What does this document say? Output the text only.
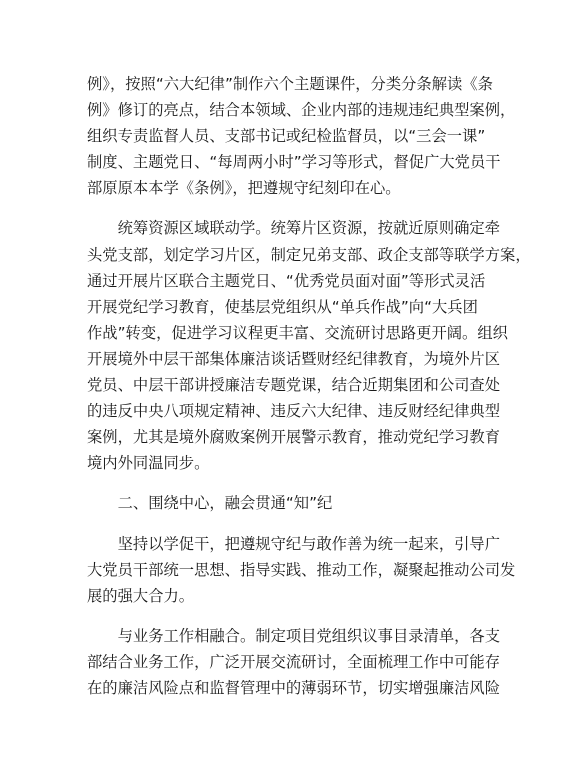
例》，按照“六大纪律”制作六个主题课件，分类分条解读《条
例》修订的亮点，结合本领域、企业内部的违规违纪典型案例，
组织专责监督人员、支部书记或纪检监督员，以“三会一课”
制度、主题党日、“每周两小时”学习等形式，督促广大党员干
部原原本本学《条例》，把遵规守纪刻印在心。

　　统筹资源区域联动学。统筹片区资源，按就近原则确定牵
头党支部，划定学习片区，制定兄弟支部、政企支部等联学方案，
通过开展片区联合主题党日、“优秀党员面对面”等形式灵活
开展党纪学习教育，使基层党组织从“单兵作战”向“大兵团
作战”转变，促进学习议程更丰富、交流研讨思路更开阔。组织
开展境外中层干部集体廉洁谈话暨财经纪律教育，为境外片区
党员、中层干部讲授廉洁专题党课，结合近期集团和公司查处
的违反中央八项规定精神、违反六大纪律、违反财经纪律典型
案例，尤其是境外腐败案例开展警示教育，推动党纪学习教育
境内外同温同步。

　　二、围绕中心，融会贯通“知”纪

　　坚持以学促干，把遵规守纪与敢作善为统一起来，引导广
大党员干部统一思想、指导实践、推动工作，凝聚起推动公司发
展的强大合力。

　　与业务工作相融合。制定项目党组织议事目录清单，各支
部结合业务工作，广泛开展交流研讨，全面梳理工作中可能存
在的廉洁风险点和监督管理中的薄弱环节，切实增强廉洁风险
